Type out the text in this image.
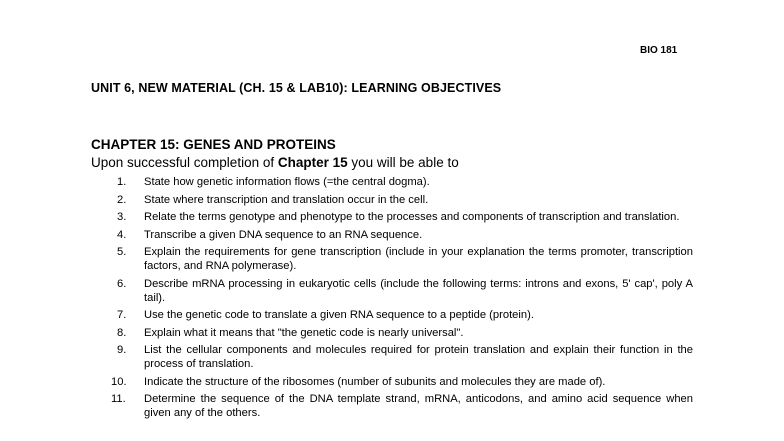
BIO 181
UNIT 6, NEW MATERIAL (CH. 15 & LAB10): LEARNING OBJECTIVES
CHAPTER 15: GENES AND PROTEINS
Upon successful completion of Chapter 15 you will be able to
1.	State how genetic information flows (=the central dogma).
2.	State where transcription and translation occur in the cell.
3.	Relate the terms genotype and phenotype to the processes and components of transcription and translation.
4.	Transcribe a given DNA sequence to an RNA sequence.
5.	Explain the requirements for gene transcription (include in your explanation the terms promoter, transcription factors, and RNA polymerase).
6.	Describe mRNA processing in eukaryotic cells (include the following terms: introns and exons, 5' cap', poly A tail).
7.	Use the genetic code to translate a given RNA sequence to a peptide (protein).
8.	Explain what it means that "the genetic code is nearly universal".
9.	List the cellular components and molecules required for protein translation and explain their function in the process of translation.
10.	Indicate the structure of the ribosomes (number of subunits and molecules they are made of).
11.	Determine the sequence of the DNA template strand, mRNA, anticodons, and amino acid sequence when given any of the others.
